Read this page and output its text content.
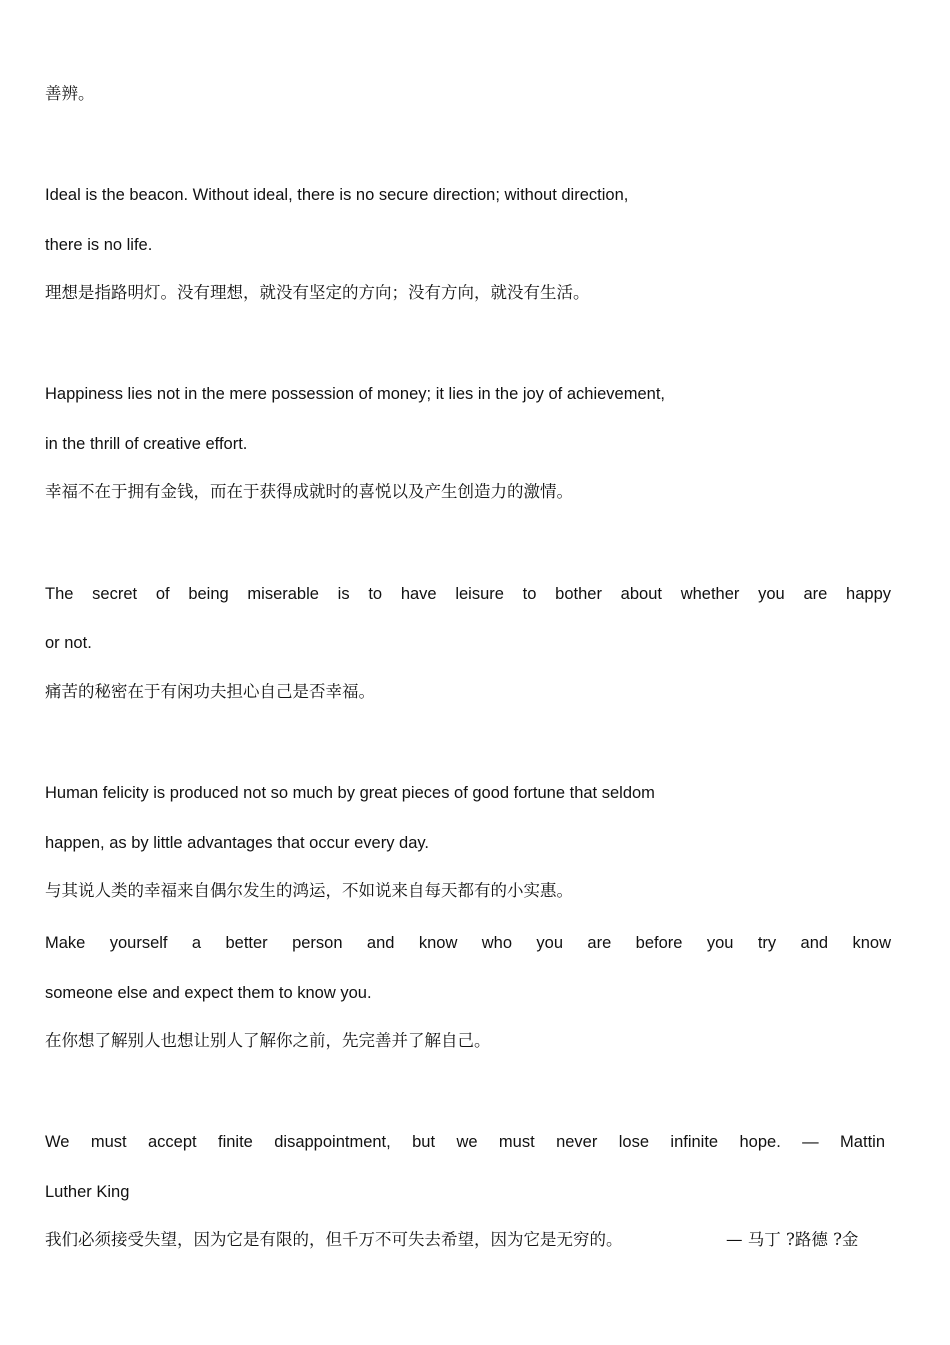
善辨。
Ideal is the beacon. Without ideal, there is no secure direction; without direction,
there is no life.
理想是指路明灯。没有理想，就没有坚定的方向；没有方向，就没有生活。
Happiness lies not in the mere possession of money; it lies in the joy of achievement,
in the thrill of creative effort.
幸福不在于拥有金钱，而在于获得成就时的喜悦以及产生创造力的激情。
The secret of being miserable is to have leisure to bother about whether you are happy
or not.
痛苦的秘密在于有闲功夫担心自己是否幸福。
Human felicity is produced not so much by great pieces of good fortune that seldom
happen, as by little advantages that occur every day.
与其说人类的幸福来自偶尔发生的鸿运，不如说来自每天都有的小实惠。
Make yourself a better person and know who you are before you try and know
someone else and expect them to know you.
在你想了解别人也想让别人了解你之前，先完善并了解自己。
We must accept finite disappointment, but we must never lose infinite hope. — Mattin
Luther King
我们必须接受失望，因为它是有限的，但千万不可失去希望，因为它是无穷的。	— 马丁 ?路德 ?金
